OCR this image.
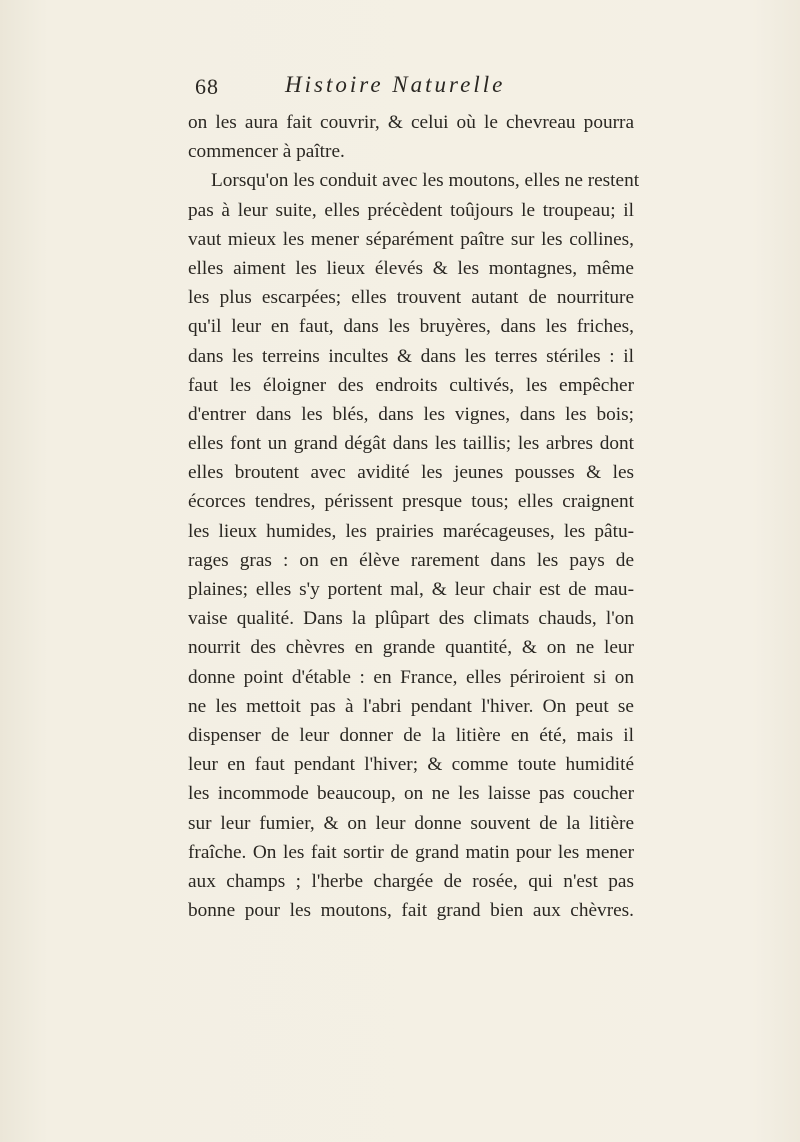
68	Histoire Naturelle
on les aura fait couvrir, & celui où le chevreau pourra
commencer à paître.
Lorsqu'on les conduit avec les moutons, elles ne restent
pas à leur suite, elles précèdent toûjours le troupeau; il
vaut mieux les mener séparément paître sur les collines,
elles aiment les lieux élevés & les montagnes, même
les plus escarpées; elles trouvent autant de nourriture
qu'il leur en faut, dans les bruyères, dans les friches,
dans les terreins incultes & dans les terres stériles : il
faut les éloigner des endroits cultivés, les empêcher
d'entrer dans les blés, dans les vignes, dans les bois;
elles font un grand dégât dans les taillis; les arbres dont
elles broutent avec avidité les jeunes pousses & les
écorces tendres, périssent presque tous; elles craignent
les lieux humides, les prairies marécageuses, les pâtu-
rages gras : on en élève rarement dans les pays de
plaines; elles s'y portent mal, & leur chair est de mau-
vaise qualité. Dans la plûpart des climats chauds, l'on
nourrit des chèvres en grande quantité, & on ne leur
donne point d'étable : en France, elles périroient si on
ne les mettoit pas à l'abri pendant l'hiver. On peut se
dispenser de leur donner de la litière en été, mais il
leur en faut pendant l'hiver; & comme toute humidité
les incommode beaucoup, on ne les laisse pas coucher
sur leur fumier, & on leur donne souvent de la litière
fraîche. On les fait sortir de grand matin pour les mener
aux champs ; l'herbe chargée de rosée, qui n'est pas
bonne pour les moutons, fait grand bien aux chèvres.
